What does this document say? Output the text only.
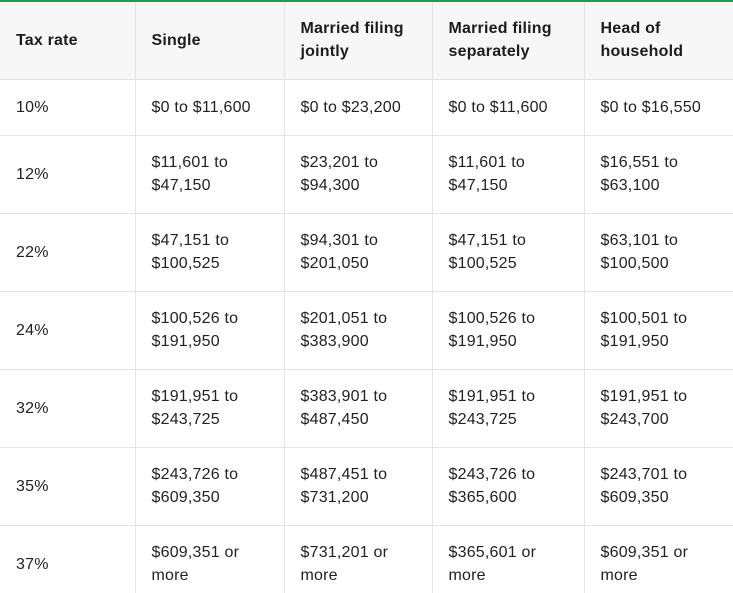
Tax rate	Single	Married filing jointly	Married filing separately	Head of household
10%	$0 to $11,600	$0 to $23,200	$0 to $11,600	$0 to $16,550
12%	$11,601 to $47,150	$23,201 to $94,300	$11,601 to $47,150	$16,551 to $63,100
22%	$47,151 to $100,525	$94,301 to $201,050	$47,151 to $100,525	$63,101 to $100,500
24%	$100,526 to $191,950	$201,051 to $383,900	$100,526 to $191,950	$100,501 to $191,950
32%	$191,951 to $243,725	$383,901 to $487,450	$191,951 to $243,725	$191,951 to $243,700
35%	$243,726 to $609,350	$487,451 to $731,200	$243,726 to $365,600	$243,701 to $609,350
37%	$609,351 or more	$731,201 or more	$365,601 or more	$609,351 or more
